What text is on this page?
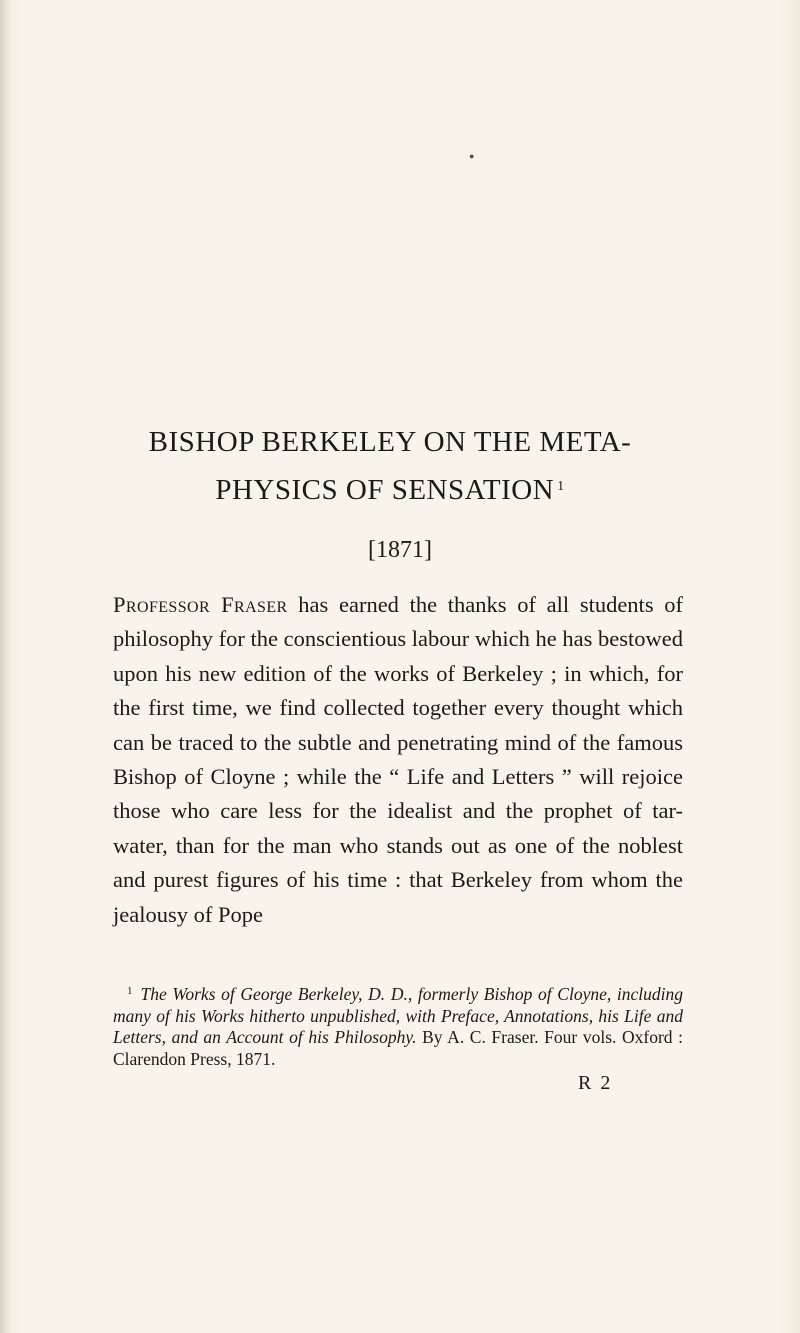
●
BISHOP BERKELEY ON THE META-
PHYSICS OF SENSATION $^1$
[1871]

Professor Fraser has earned the thanks of all students of philosophy for the conscientious labour which he has bestowed upon his new edition of the works of Berkeley ; in which, for the first time, we find collected together every thought which can be traced to the subtle and penetrating mind of the famous Bishop of Cloyne ; while the “ Life and Letters ” will rejoice those who care less for the idealist and the prophet of tar-water, than for the man who stands out as one of the noblest and purest figures of his time : that Berkeley from whom the jealousy of Pope

$^1$ The Works of George Berkeley, D. D., formerly Bishop of Cloyne, including many of his Works hitherto unpublished, with Preface, Annotations, his Life and Letters, and an Account of his Philosophy. By A. C. Fraser. Four vols. Oxford : Clarendon Press, 1871.

R 2
